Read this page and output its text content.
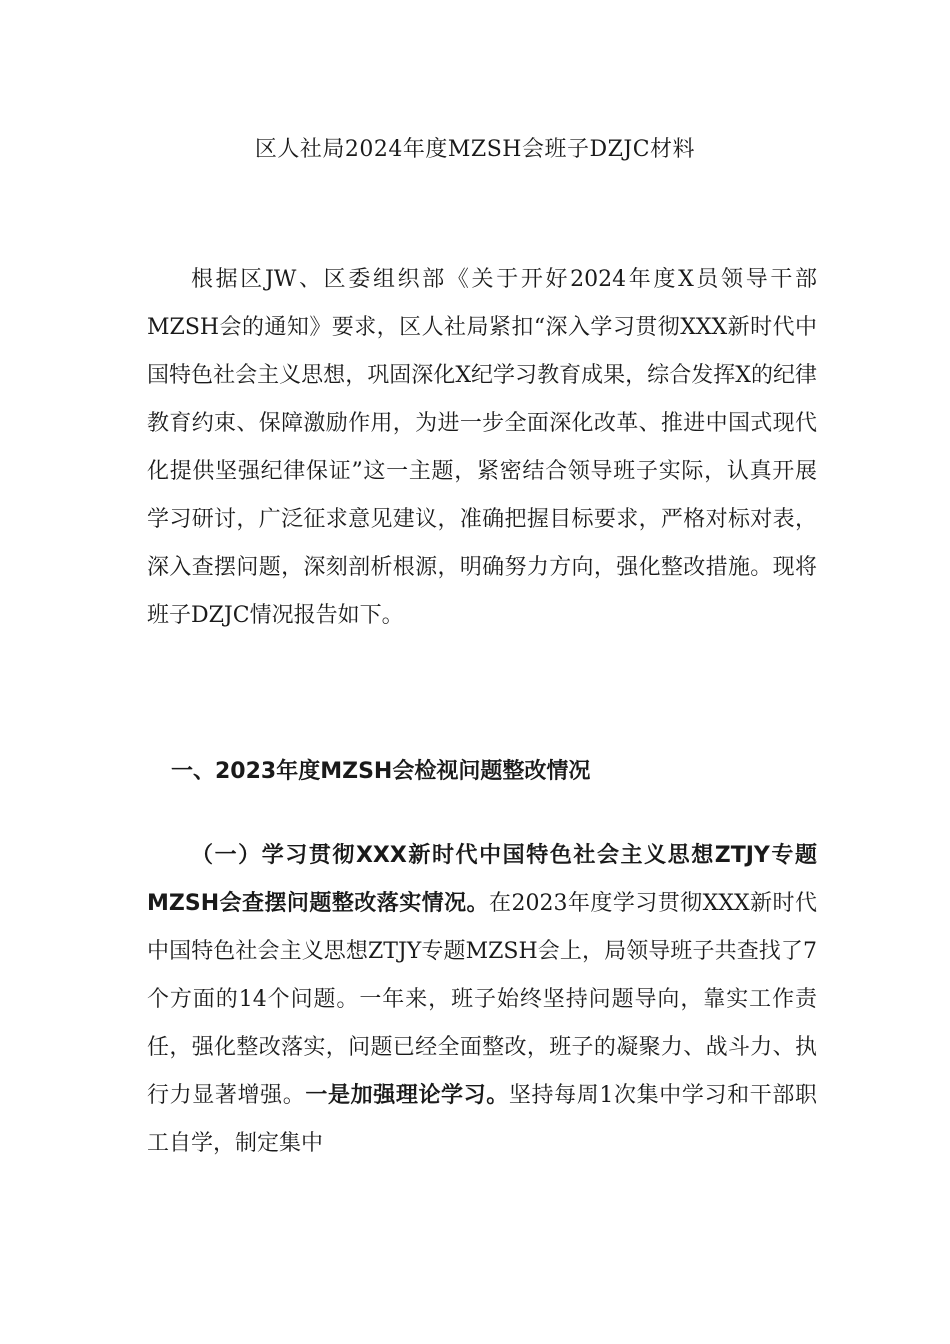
区人社局2024年度MZSH会班子DZJC材料
根据区JW、区委组织部《关于开好2024年度X员领导干部MZSH会的通知》要求，区人社局紧扣“深入学习贯彻XXX新时代中国特色社会主义思想，巩固深化X纪学习教育成果，综合发挥X的纪律教育约束、保障激励作用，为进一步全面深化改革、推进中国式现代化提供坚强纪律保证”这一主题，紧密结合领导班子实际，认真开展学习研讨，广泛征求意见建议，准确把握目标要求，严格对标对表，深入查摆问题，深刻剖析根源，明确努力方向，强化整改措施。现将班子DZJC情况报告如下。
一、2023年度MZSH会检视问题整改情况
（一）学习贯彻XXX新时代中国特色社会主义思想ZTJY专题MZSH会查摆问题整改落实情况。在2023年度学习贯彻XXX新时代中国特色社会主义思想ZTJY专题MZSH会上，局领导班子共查找了7个方面的14个问题。一年来，班子始终坚持问题导向，靠实工作责任，强化整改落实，问题已经全面整改，班子的凝聚力、战斗力、执行力显著增强。一是加强理论学习。坚持每周1次集中学习和干部职工自学，制定集中
